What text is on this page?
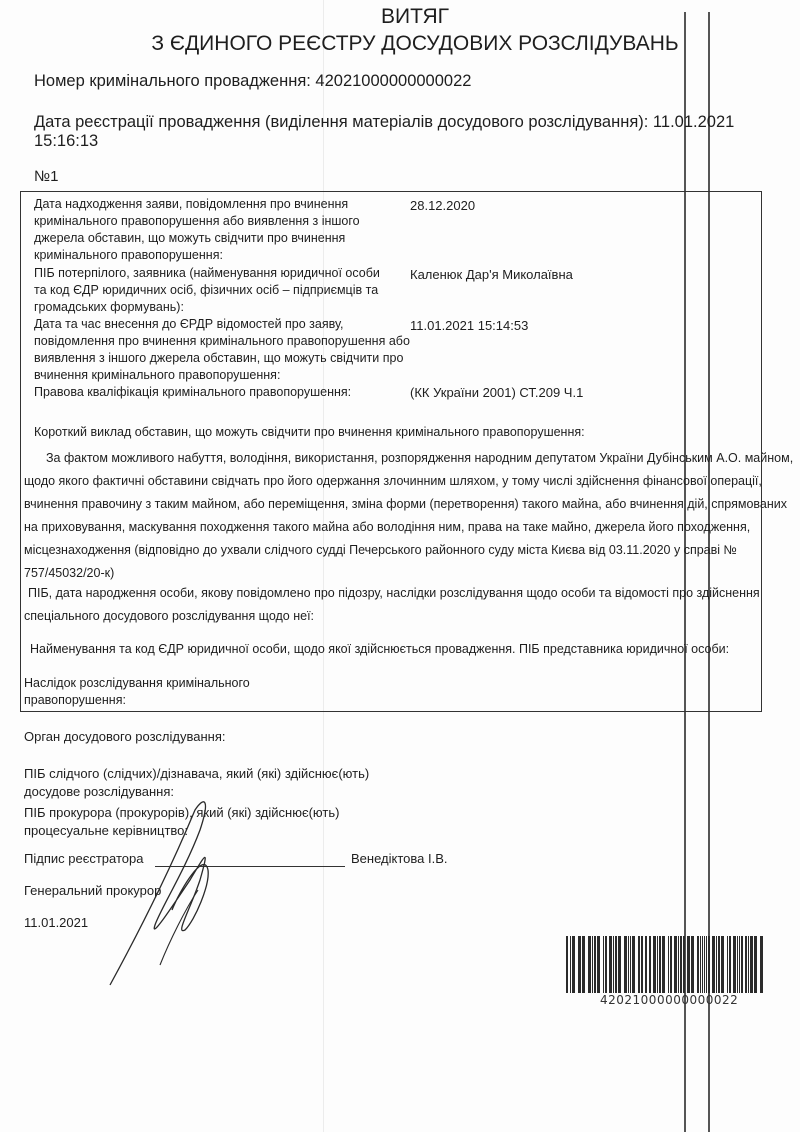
ВИТЯГ
З ЄДИНОГО РЕЄСТРУ ДОСУДОВИХ РОЗСЛІДУВАНЬ
Номер кримінального провадження: 42021000000000022
Дата реєстрації провадження (виділення матеріалів досудового розслідування): 11.01.2021
15:16:13
№1
Дата надходження заяви, повідомлення про вчинення
кримінального правопорушення або виявлення з іншого
джерела обставин, що можуть свідчити про вчинення
кримінального правопорушення:
28.12.2020
ПІБ потерпілого, заявника (найменування юридичної особи
та код ЄДР юридичних осіб, фізичних осіб – підприємців та
громадських формувань):
Каленюк Дар'я Миколаївна
Дата та час внесення до ЄРДР відомостей про заяву,
повідомлення про вчинення кримінального правопорушення або
виявлення з іншого джерела обставин, що можуть свідчити про
вчинення кримінального правопорушення:
11.01.2021 15:14:53
Правова кваліфікація кримінального правопорушення:	(КК України 2001) СТ.209 Ч.1
Короткий виклад обставин, що можуть свідчити про вчинення кримінального правопорушення:
За фактом можливого набуття, володіння, використання, розпорядження народним депутатом України Дубінським А.О. майном,
щодо якого фактичні обставини свідчать про його одержання злочинним шляхом, у тому числі здійснення фінансової операції,
вчинення правочину з таким майном, або переміщення, зміна форми (перетворення) такого майна, або вчинення дій, спрямованих
на приховування, маскування походження такого майна або володіння ним, права на таке майно, джерела його походження,
місцезнаходження (відповідно до ухвали слідчого судді Печерського районного суду міста Києва від 03.11.2020 у справі №
757/45032/20-к)
ПІБ, дата народження особи, якову повідомлено про підозру, наслідки розслідування щодо особи та відомості про здійснення
спеціального досудового розслідування щодо неї:
Найменування та код ЄДР юридичної особи, щодо якої здійснюється провадження. ПІБ представника юридичної особи:
Наслідок розслідування кримінального
правопорушення:
Орган досудового розслідування:
ПІБ слідчого (слідчих)/дізнавача, який (які) здійснює(ють)
досудове розслідування:
ПІБ прокурора (прокурорів), який (які) здійснює(ють)
процесуальне керівництво:
Підпис реєстратора	Венедіктова І.В.
Генеральний прокурор
11.01.2021
42021000000000022
